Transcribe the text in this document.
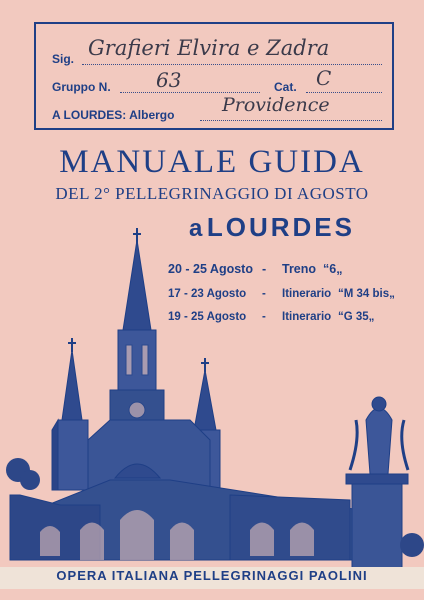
Sig. Grafieri Elvira e Zadra
Gruppo N. 63	Cat. C
A LOURDES: Albergo	Providence
MANUALE GUIDA
DEL 2° PELLEGRINAGGIO DI AGOSTO
a LOURDES
20 - 25 Agosto - Treno “6„
17 - 23 Agosto - Itinerario “M 34 bis„
19 - 25 Agosto - Itinerario “G 35„
OPERA ITALIANA PELLEGRINAGGI PAOLINI
